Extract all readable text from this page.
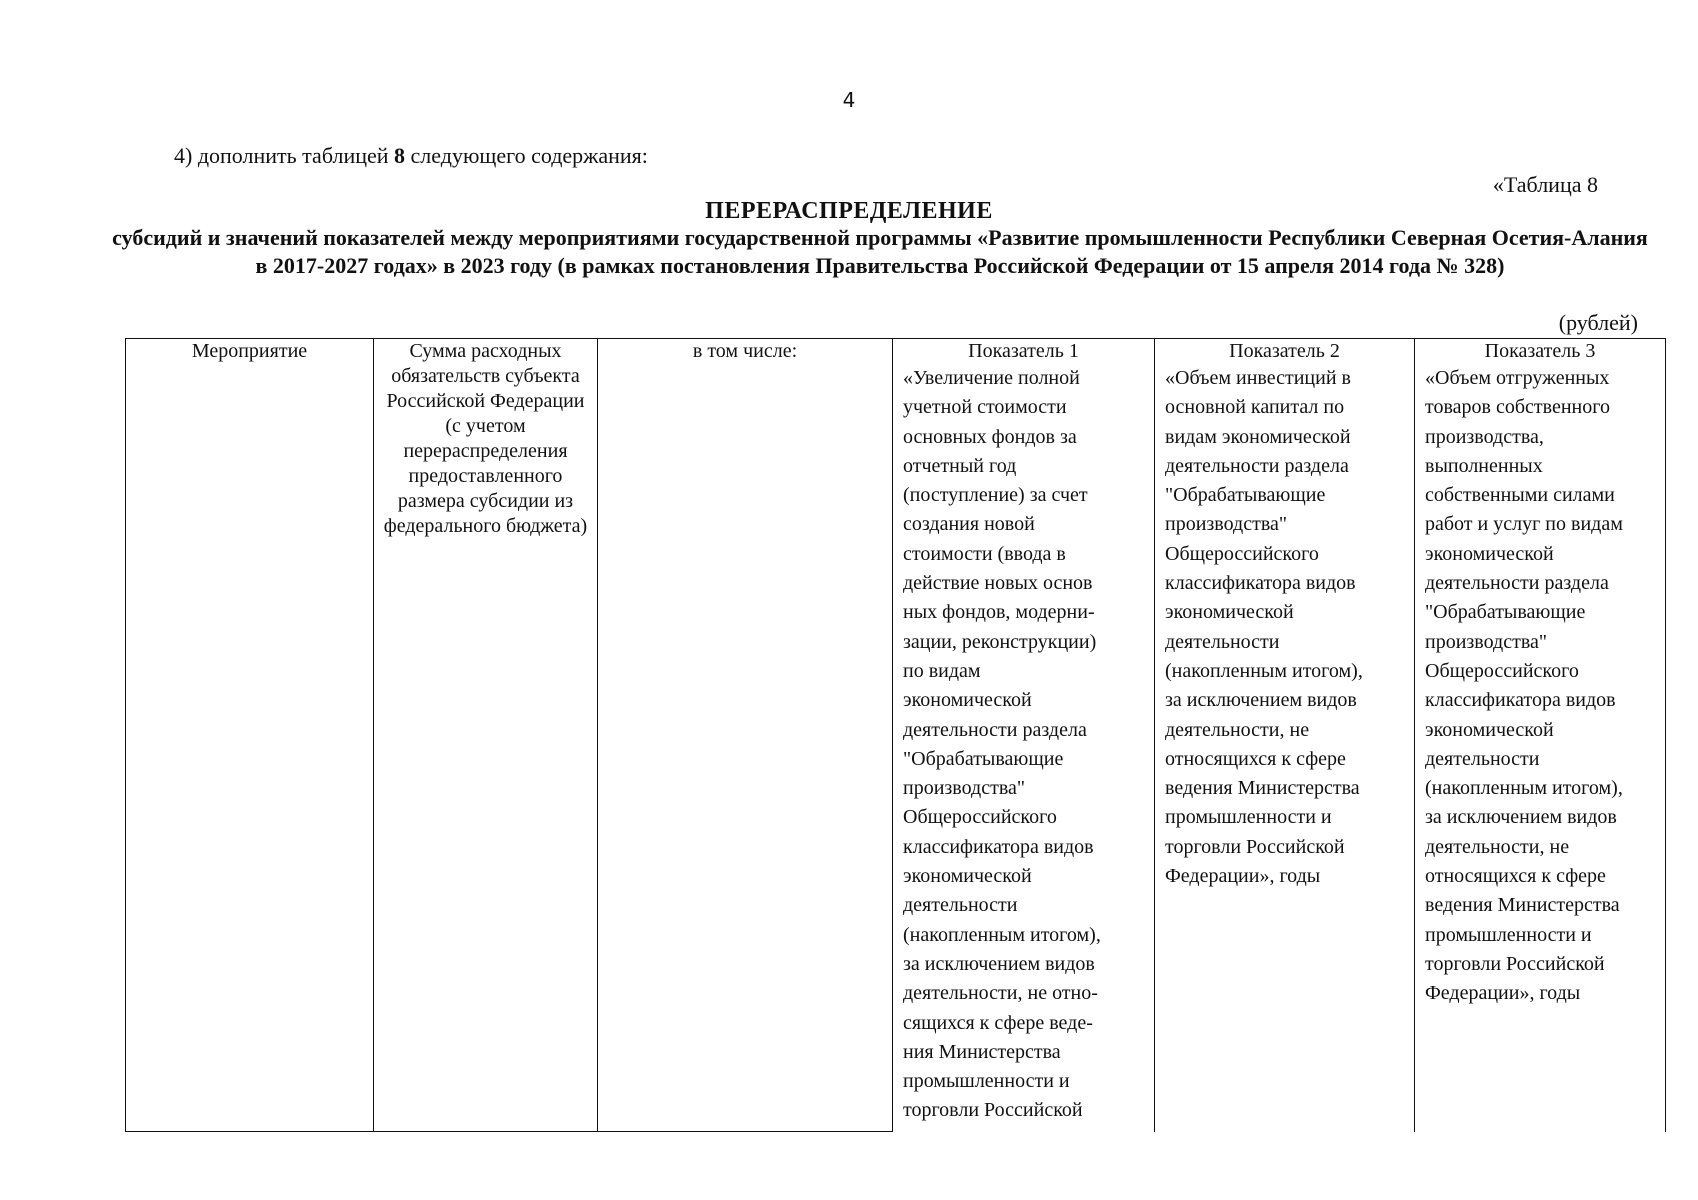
4
4) дополнить таблицей 8 следующего содержания:
«Таблица 8
ПЕРЕРАСПРЕДЕЛЕНИЕ
субсидий и значений показателей между мероприятиями государственной программы «Развитие промышленности Республики Северная Осетия-Алания в 2017-2027 годах» в 2023 году (в рамках постановления Правительства Российской Федерации от 15 апреля 2014 года № 328)
(рублей)
Мероприятие	Сумма расходных обязательств субъекта Российской Федерации (с учетом перераспределения предоставленного размера субсидии из федерального бюджета)
в том числе:	Показатель 1
«Увеличение полной
учетной стоимости
основных фондов за
отчетный год
(поступление) за счет
создания новой
стоимости (ввода в
действие новых основ
ных фондов, модерни-
зации, реконструкции)
по видам
экономической
деятельности раздела
"Обрабатывающие
производства"
Общероссийского
классификатора видов
экономической
деятельности
(накопленным итогом),
за исключением видов
деятельности, не отно-
сящихся к сфере веде-
ния Министерства
промышленности и
торговли Российской
Показатель 2
«Объем инвестиций в
основной капитал по
видам экономической
деятельности раздела
"Обрабатывающие
производства"
Общероссийского
классификатора видов
экономической
деятельности
(накопленным итогом),
за исключением видов
деятельности, не
относящихся к сфере
ведения Министерства
промышленности и
торговли Российской
Федерации», годы
Показатель 3
«Объем отгруженных
товаров собственного
производства,
выполненных
собственными силами
работ и услуг по видам
экономической
деятельности раздела
"Обрабатывающие
производства"
Общероссийского
классификатора видов
экономической
деятельности
(накопленным итогом),
за исключением видов
деятельности, не
относящихся к сфере
ведения Министерства
промышленности и
торговли Российской
Федерации», годы
